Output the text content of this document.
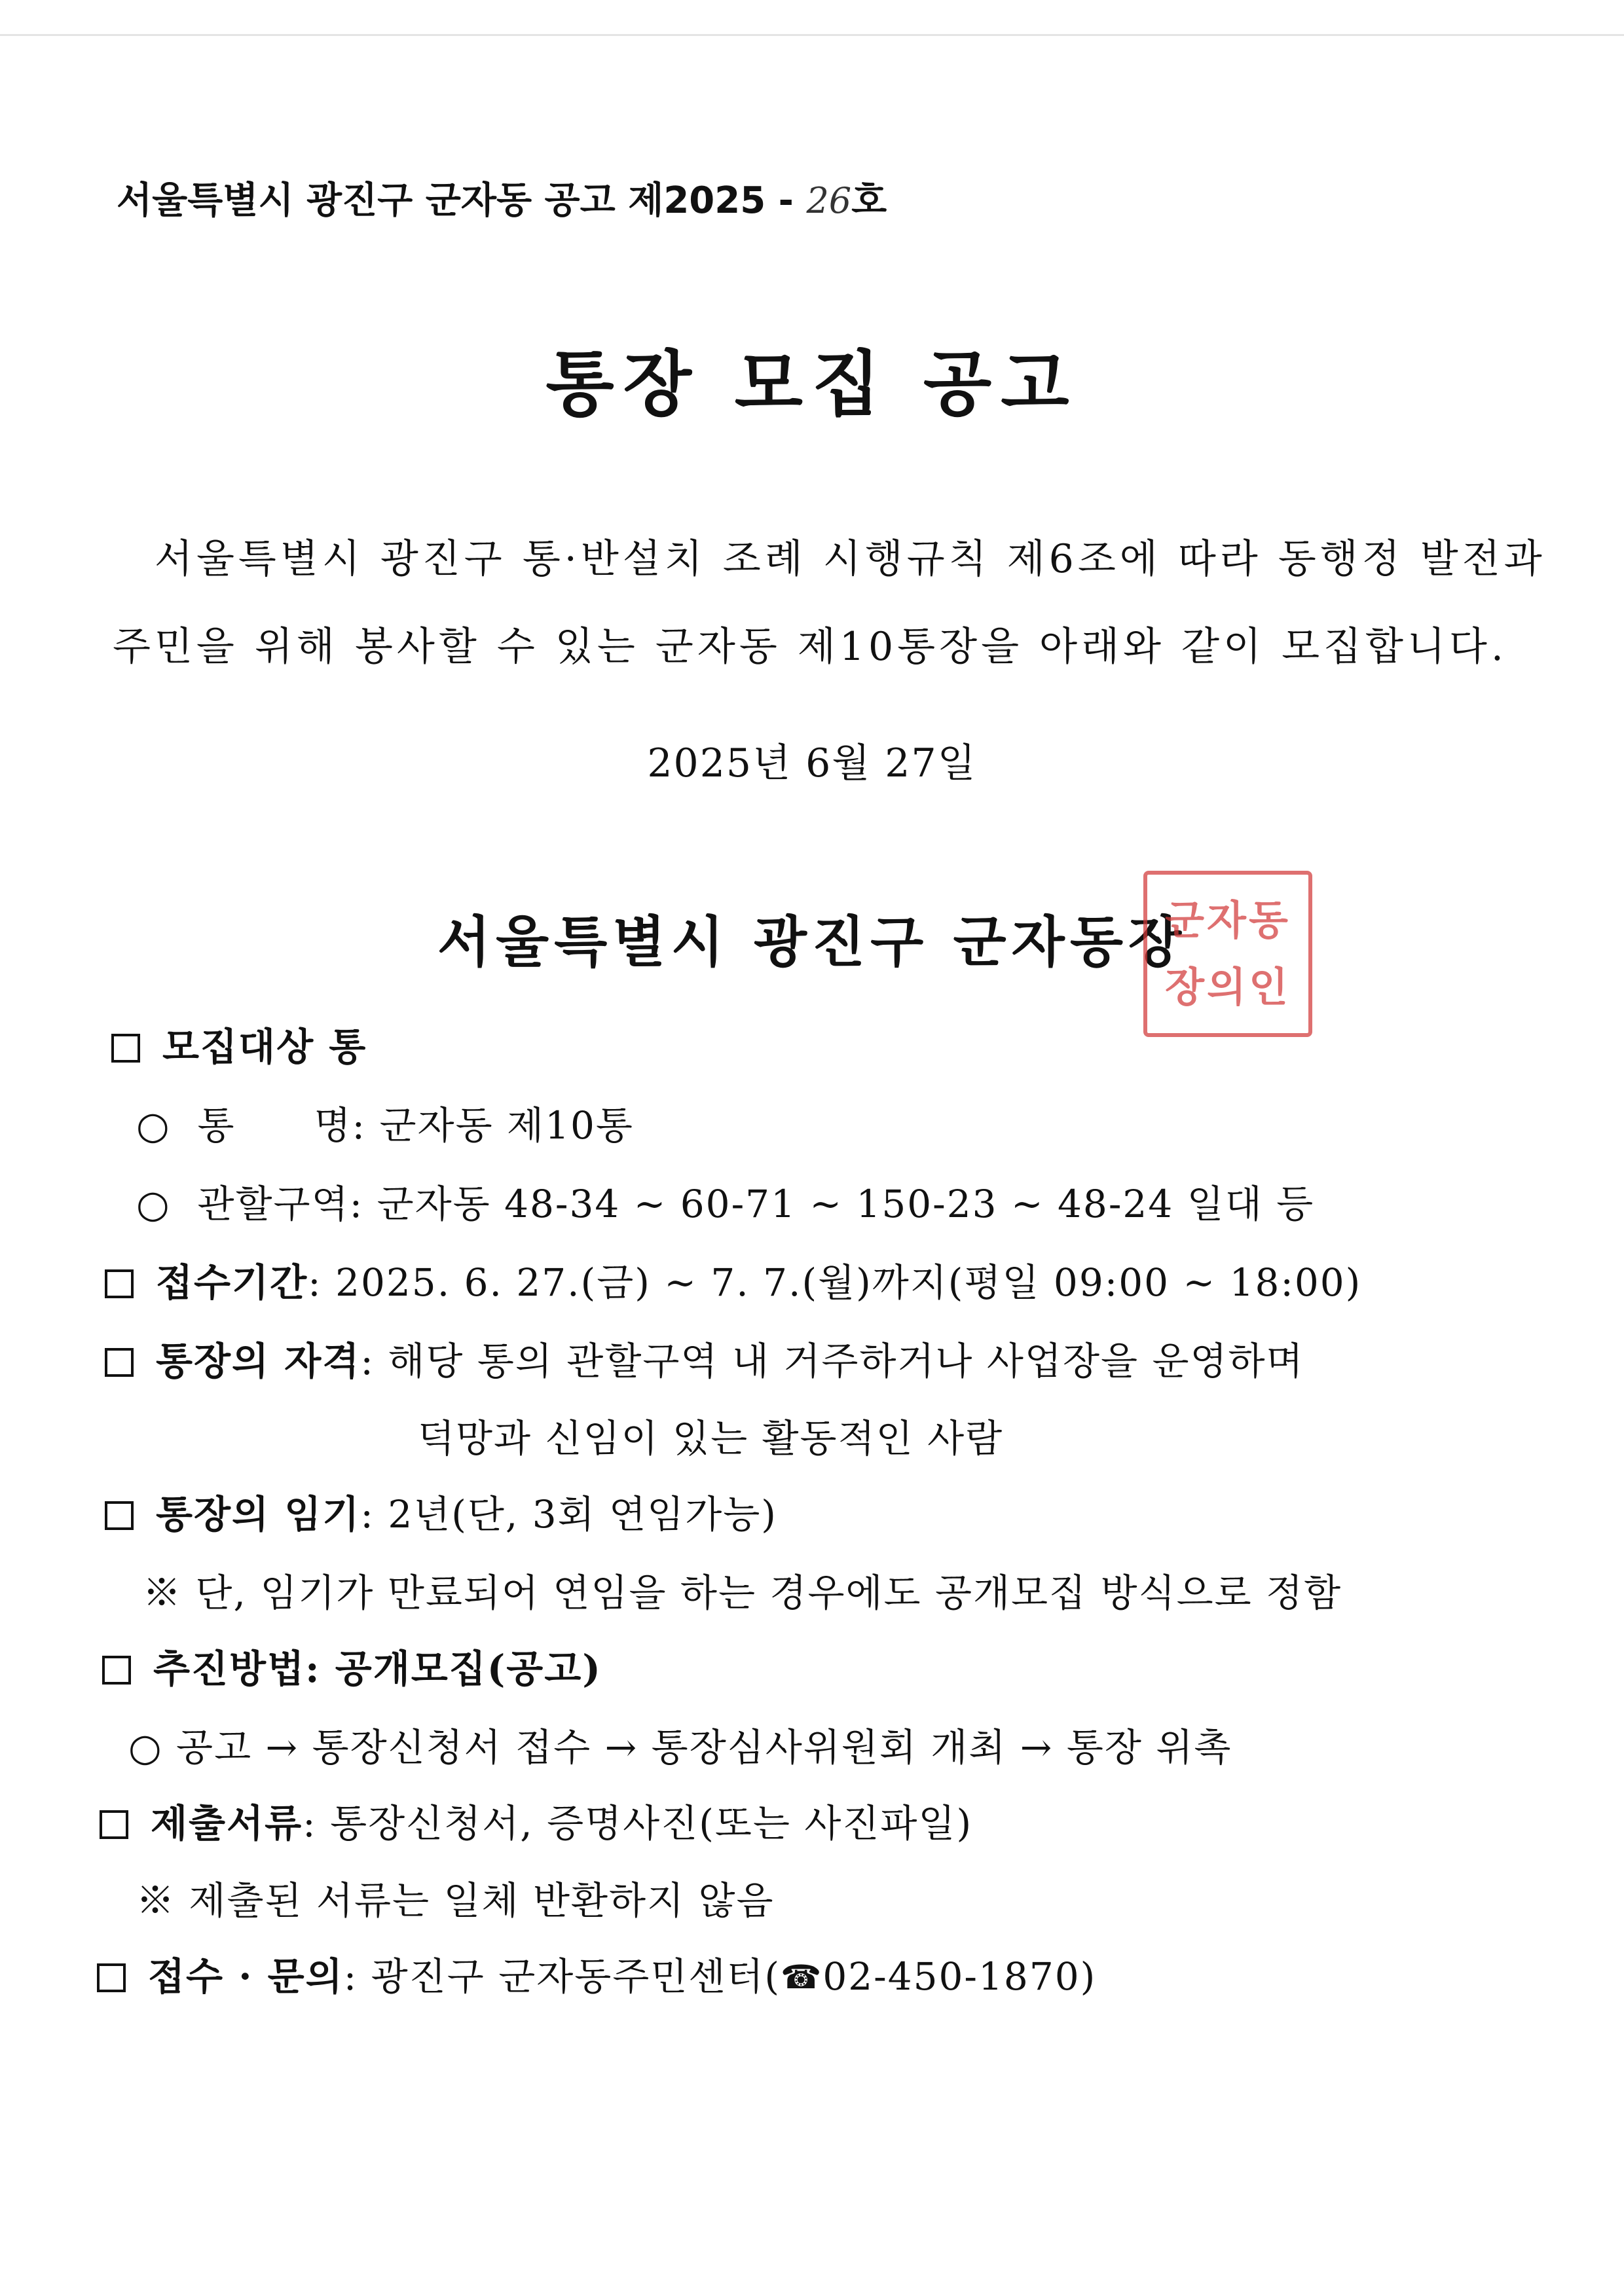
서울특별시 광진구 군자동 공고 제2025 - 26호
통장 모집 공고
서울특별시 광진구 통·반설치 조례 시행규칙 제6조에 따라 동행정 발전과
주민을 위해 봉사할 수 있는 군자동 제10통장을 아래와 같이 모집합니다.
2025년 6월 27일
서울특별시 광진구 군자동장
군자동
장의인
모집대상 통
○ 통　　명: 군자동 제10통
○ 관할구역: 군자동 48-34 ~ 60-71 ~ 150-23 ~ 48-24 일대 등
접수기간: 2025. 6. 27.(금) ~ 7. 7.(월)까지(평일 09:00 ~ 18:00)
통장의 자격: 해당 통의 관할구역 내 거주하거나 사업장을 운영하며
덕망과 신임이 있는 활동적인 사람
통장의 임기: 2년(단, 3회 연임가능)
※ 단, 임기가 만료되어 연임을 하는 경우에도 공개모집 방식으로 정함
추진방법: 공개모집(공고)
○ 공고 → 통장신청서 접수 → 통장심사위원회 개최 → 통장 위촉
제출서류: 통장신청서, 증명사진(또는 사진파일)
※ 제출된 서류는 일체 반환하지 않음
접수 · 문의: 광진구 군자동주민센터(☎02-450-1870)
